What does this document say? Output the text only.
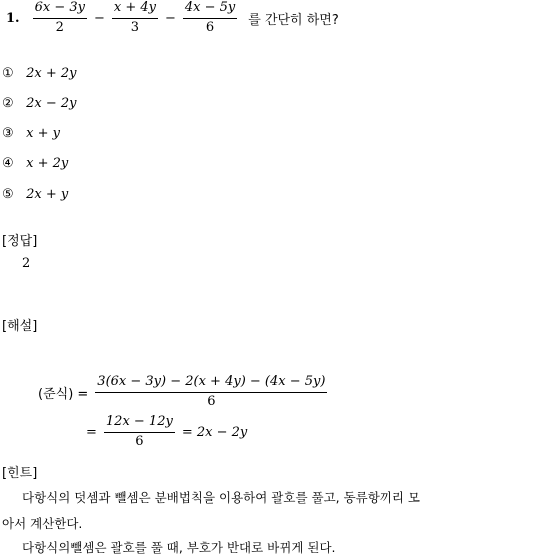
1. $\frac{6x - 3y}{2} - \frac{x + 4y}{3} - \frac{4x - 5y}{6}$ 를 간단히 하면?
① 2x + 2y
② 2x − 2y
③ x + y
④ x + 2y
⑤ 2x + y
[정답]
2
[해설]
(준식) = $\frac{3(6x - 3y) - 2(x + 4y) - (4x - 5y)}{6}$
= $\frac{12x - 12y}{6} = 2x - 2y$
[힌트]
다항식의 덧셈과 뺄셈은 분배법칙을 이용하여 괄호를 풀고, 동류항끼리 모
아서 계산한다.
다항식의뺄셈은 괄호를 풀 때, 부호가 반대로 바뀌게 된다.
